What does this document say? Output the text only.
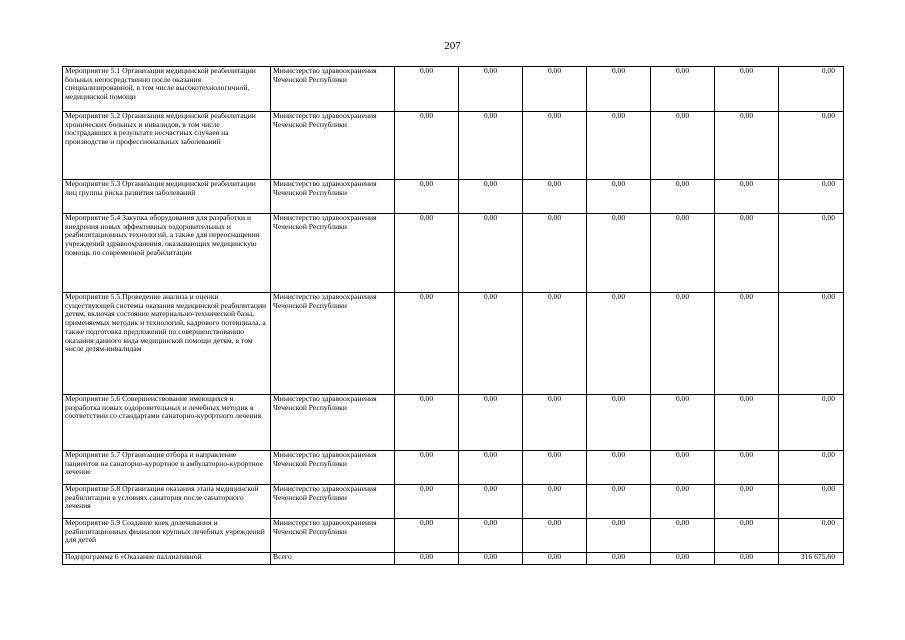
207
Мероприятие 5.1 Организация медицинской реабилитации больных непосредственно после оказания специализированной, в том числе высокотехнологичной, медицинской помощи	Министерство здравоохранения Чеченской Республики	0,00	0,00	0,00	0,00	0,00	0,00	0,00
Мероприятие 5.2 Организация медицинской реабилитации хронических больных и инвалидов, в том числе пострадавших в результате несчастных случаев на производстве и профессиональных заболеваний	Министерство здравоохранения Чеченской Республики	0,00	0,00	0,00	0,00	0,00	0,00	0,00
Мероприятие 5.3 Организация медицинской реабилитации лиц группы риска развития заболеваний	Министерство здравоохранения Чеченской Республики	0,00	0,00	0,00	0,00	0,00	0,00	0,00
Мероприятие 5.4 Закупка оборудования для разработки и внедрения новых эффективных оздоровительных и реабилитационных технологий, а также для переоснащения учреждений здравоохранения, оказывающих медицинскую помощь по современной реабилитации	Министерство здравоохранения Чеченской Республики	0,00	0,00	0,00	0,00	0,00	0,00	0,00
Мероприятие 5.5 Проведение анализа и оценки существующей системы оказания медицинской реабилитации детям, включая состояние материально-технической базы, применяемых методик и технологий, кадрового потенциала, а также подготовка предложений по совершенствованию оказания данного вида медицинской помощи детям, в том числе детям-инвалидам	Министерство здравоохранения Чеченской Республики	0,00	0,00	0,00	0,00	0,00	0,00	0,00
Мероприятие 5.6 Совершенствование имеющихся и разработка новых оздоровительных и лечебных методик в соответствии со стандартами санаторно-курортного лечения	Министерство здравоохранения Чеченской Республики	0,00	0,00	0,00	0,00	0,00	0,00	0,00
Мероприятие 5.7 Организация отбора и направление пациентов на санаторно-курортное и амбулаторно-курортное лечение	Министерство здравоохранения Чеченской Республики	0,00	0,00	0,00	0,00	0,00	0,00	0,00
Мероприятие 5.8 Организация оказания этапа медицинской реабилитации в условиях санатория после санаторного лечения	Министерство здравоохранения Чеченской Республики	0,00	0,00	0,00	0,00	0,00	0,00	0,00
Мероприятие 5.9 Создание коек долечивания и реабилитационных филиалов крупных лечебных учреждений для детей	Министерство здравоохранения Чеченской Республики	0,00	0,00	0,00	0,00	0,00	0,00	0,00
Подпрограмма 6 «Оказание паллиативной	Всего	0,00	0,00	0,00	0,00	0,00	0,00	316 675,60
